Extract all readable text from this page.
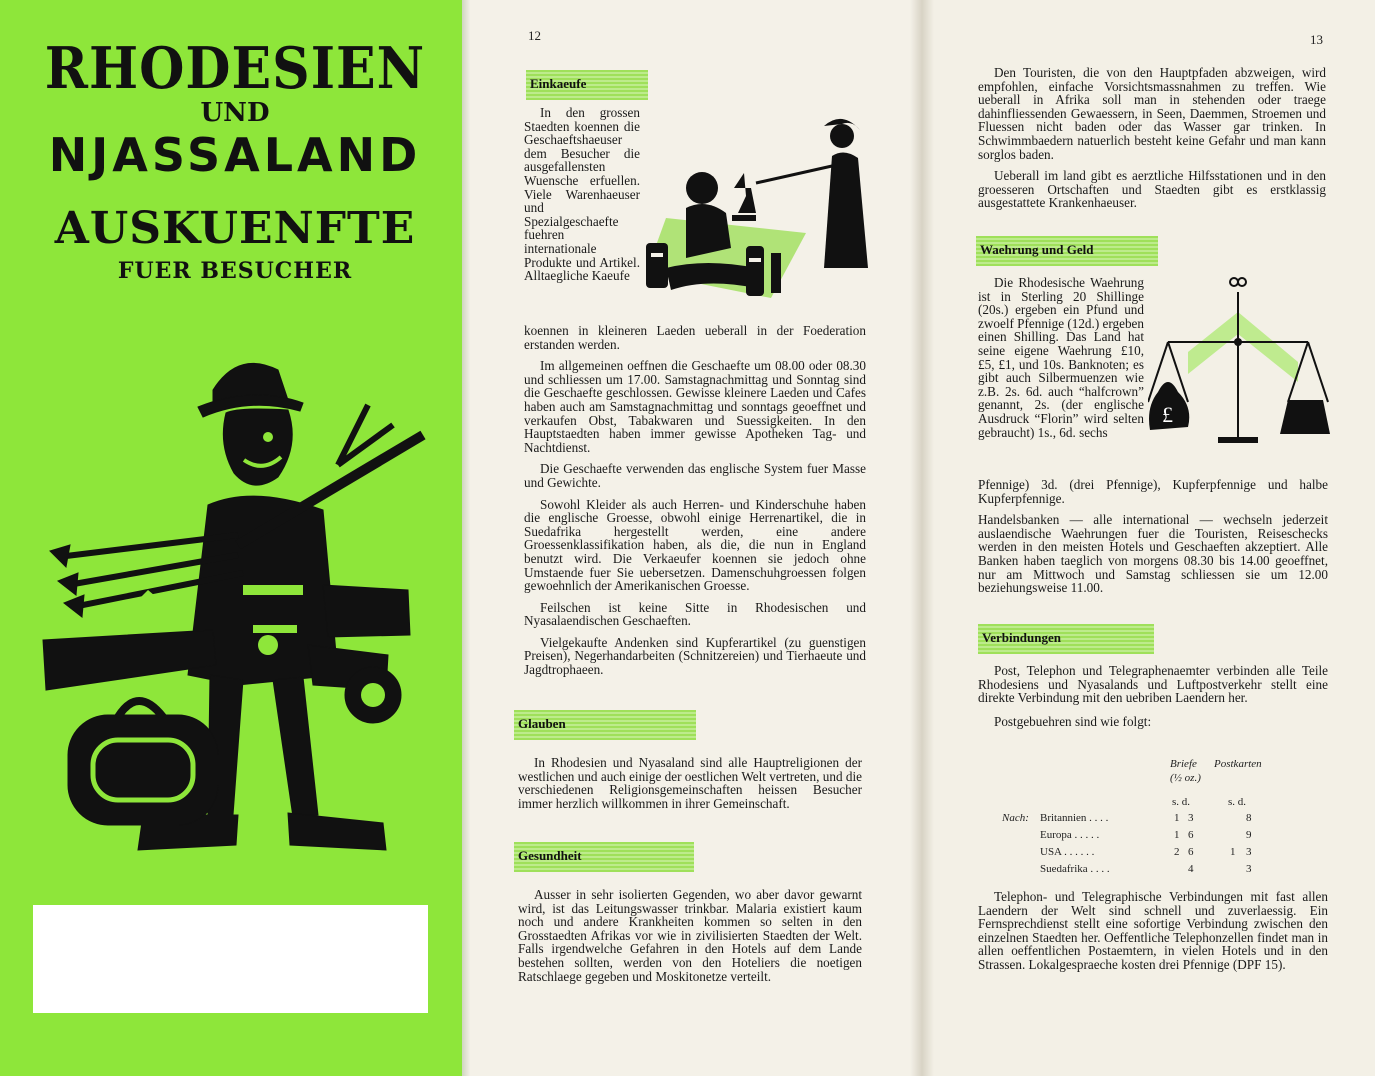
RHODESIEN
UND
NJASSALAND
AUSKUENFTE
FUER BESUCHER
12
Einkaeufe

In den grossen Staedten koennen die Geschaeftshaeuser dem Besucher die ausgefallensten Wuensche erfuellen. Viele Warenhaeuser und Spezialgeschaefte fuehren internationale Produkte und Artikel. Alltaegliche Kaeufe

koennen in kleineren Laeden ueberall in der Foederation erstanden werden.

Im allgemeinen oeffnen die Geschaefte um 08.00 oder 08.30 und schliessen um 17.00. Samstagnachmittag und Sonntag sind die Geschaefte geschlossen. Gewisse kleinere Laeden und Cafes haben auch am Samstagnachmittag und sonntags geoeffnet und verkaufen Obst, Tabakwaren und Suessigkeiten. In den Hauptstaedten haben immer gewisse Apotheken Tag- und Nachtdienst.

Die Geschaefte verwenden das englische System fuer Masse und Gewichte.

Sowohl Kleider als auch Herren- und Kinderschuhe haben die englische Groesse, obwohl einige Herrenartikel, die in Suedafrika hergestellt werden, eine andere Groessenklassifikation haben, als die, die nun in England benutzt wird. Die Verkaeufer koennen sie jedoch ohne Umstaende fuer Sie uebersetzen. Damenschuhgroessen folgen gewoehnlich der Amerikanischen Groesse.

Feilschen ist keine Sitte in Rhodesischen und Nyasalaendischen Geschaeften.

Vielgekaufte Andenken sind Kupferartikel (zu guenstigen Preisen), Negerhandarbeiten (Schnitzereien) und Tierhaeute und Jagdtrophaeen.

Glauben

In Rhodesien und Nyasaland sind alle Hauptreligionen der westlichen und auch einige der oestlichen Welt vertreten, und die verschiedenen Religionsgemeinschaften heissen Besucher immer herzlich willkommen in ihrer Gemeinschaft.

Gesundheit

Ausser in sehr isolierten Gegenden, wo aber davor gewarnt wird, ist das Leitungswasser trinkbar. Malaria existiert kaum noch und andere Krankheiten kommen so selten in den Grosstaedten Afrikas vor wie in zivilisierten Staedten der Welt. Falls irgendwelche Gefahren in den Hotels auf dem Lande bestehen sollten, werden von den Hoteliers die noetigen Ratschlaege gegeben und Moskitonetze verteilt.

13

Den Touristen, die von den Hauptpfaden abzweigen, wird empfohlen, einfache Vorsichtsmassnahmen zu treffen. Wie ueberall in Afrika soll man in stehenden oder traege dahinfliessenden Gewaessern, in Seen, Daemmen, Stroemen und Fluessen nicht baden oder das Wasser gar trinken. In Schwimmbaedern natuerlich besteht keine Gefahr und man kann sorglos baden.

Ueberall im land gibt es aerztliche Hilfsstationen und in den groesseren Ortschaften und Staedten gibt es erstklassig ausgestattete Krankenhaeuser.

Waehrung und Geld

Die Rhodesische Waehrung ist in Sterling 20 Shillinge (20s.) ergeben ein Pfund und zwoelf Pfennige (12d.) ergeben einen Shilling. Das Land hat seine eigene Waehrung £10, £5, £1, und 10s. Banknoten; es gibt auch Silbermuenzen wie z.B. 2s. 6d. auch “halfcrown” genannt, 2s. (der englische Ausdruck “Florin” wird selten gebraucht) 1s., 6d. sechs

£

Pfennige) 3d. (drei Pfennige), Kupferpfennige und halbe Kupferpfennige.

Handelsbanken — alle international — wechseln jederzeit auslaendische Waehrungen fuer die Touristen, Reiseschecks werden in den meisten Hotels und Geschaeften akzeptiert. Alle Banken haben taeglich von morgens 08.30 bis 14.00 geoeffnet, nur am Mittwoch und Samstag schliessen sie um 12.00 beziehungsweise 11.00.

Verbindungen

Post, Telephon und Telegraphenaemter verbinden alle Teile Rhodesiens und Nyasalands und Luftpostverkehr stellt eine direkte Verbindung mit den uebriben Laendern her.

Postgebuehren sind wie folgt:

Briefe
(½ oz.)
Postkarten
s. d.	s. d.
Nach: Britannien . . . .	1 3	8
Europa . . . . .	1 6	9
USA . . . . . .	2 6	1 3
Suedafrika . . . .	4	3

Telephon- und Telegraphische Verbindungen mit fast allen Laendern der Welt sind schnell und zuverlaessig. Ein Fernsprechdienst stellt eine sofortige Verbindung zwischen den einzelnen Staedten her. Oeffentliche Telephonzellen findet man in allen oeffentlichen Postaemtern, in vielen Hotels und in den Strassen. Lokalgespraeche kosten drei Pfennige (DPF 15).
